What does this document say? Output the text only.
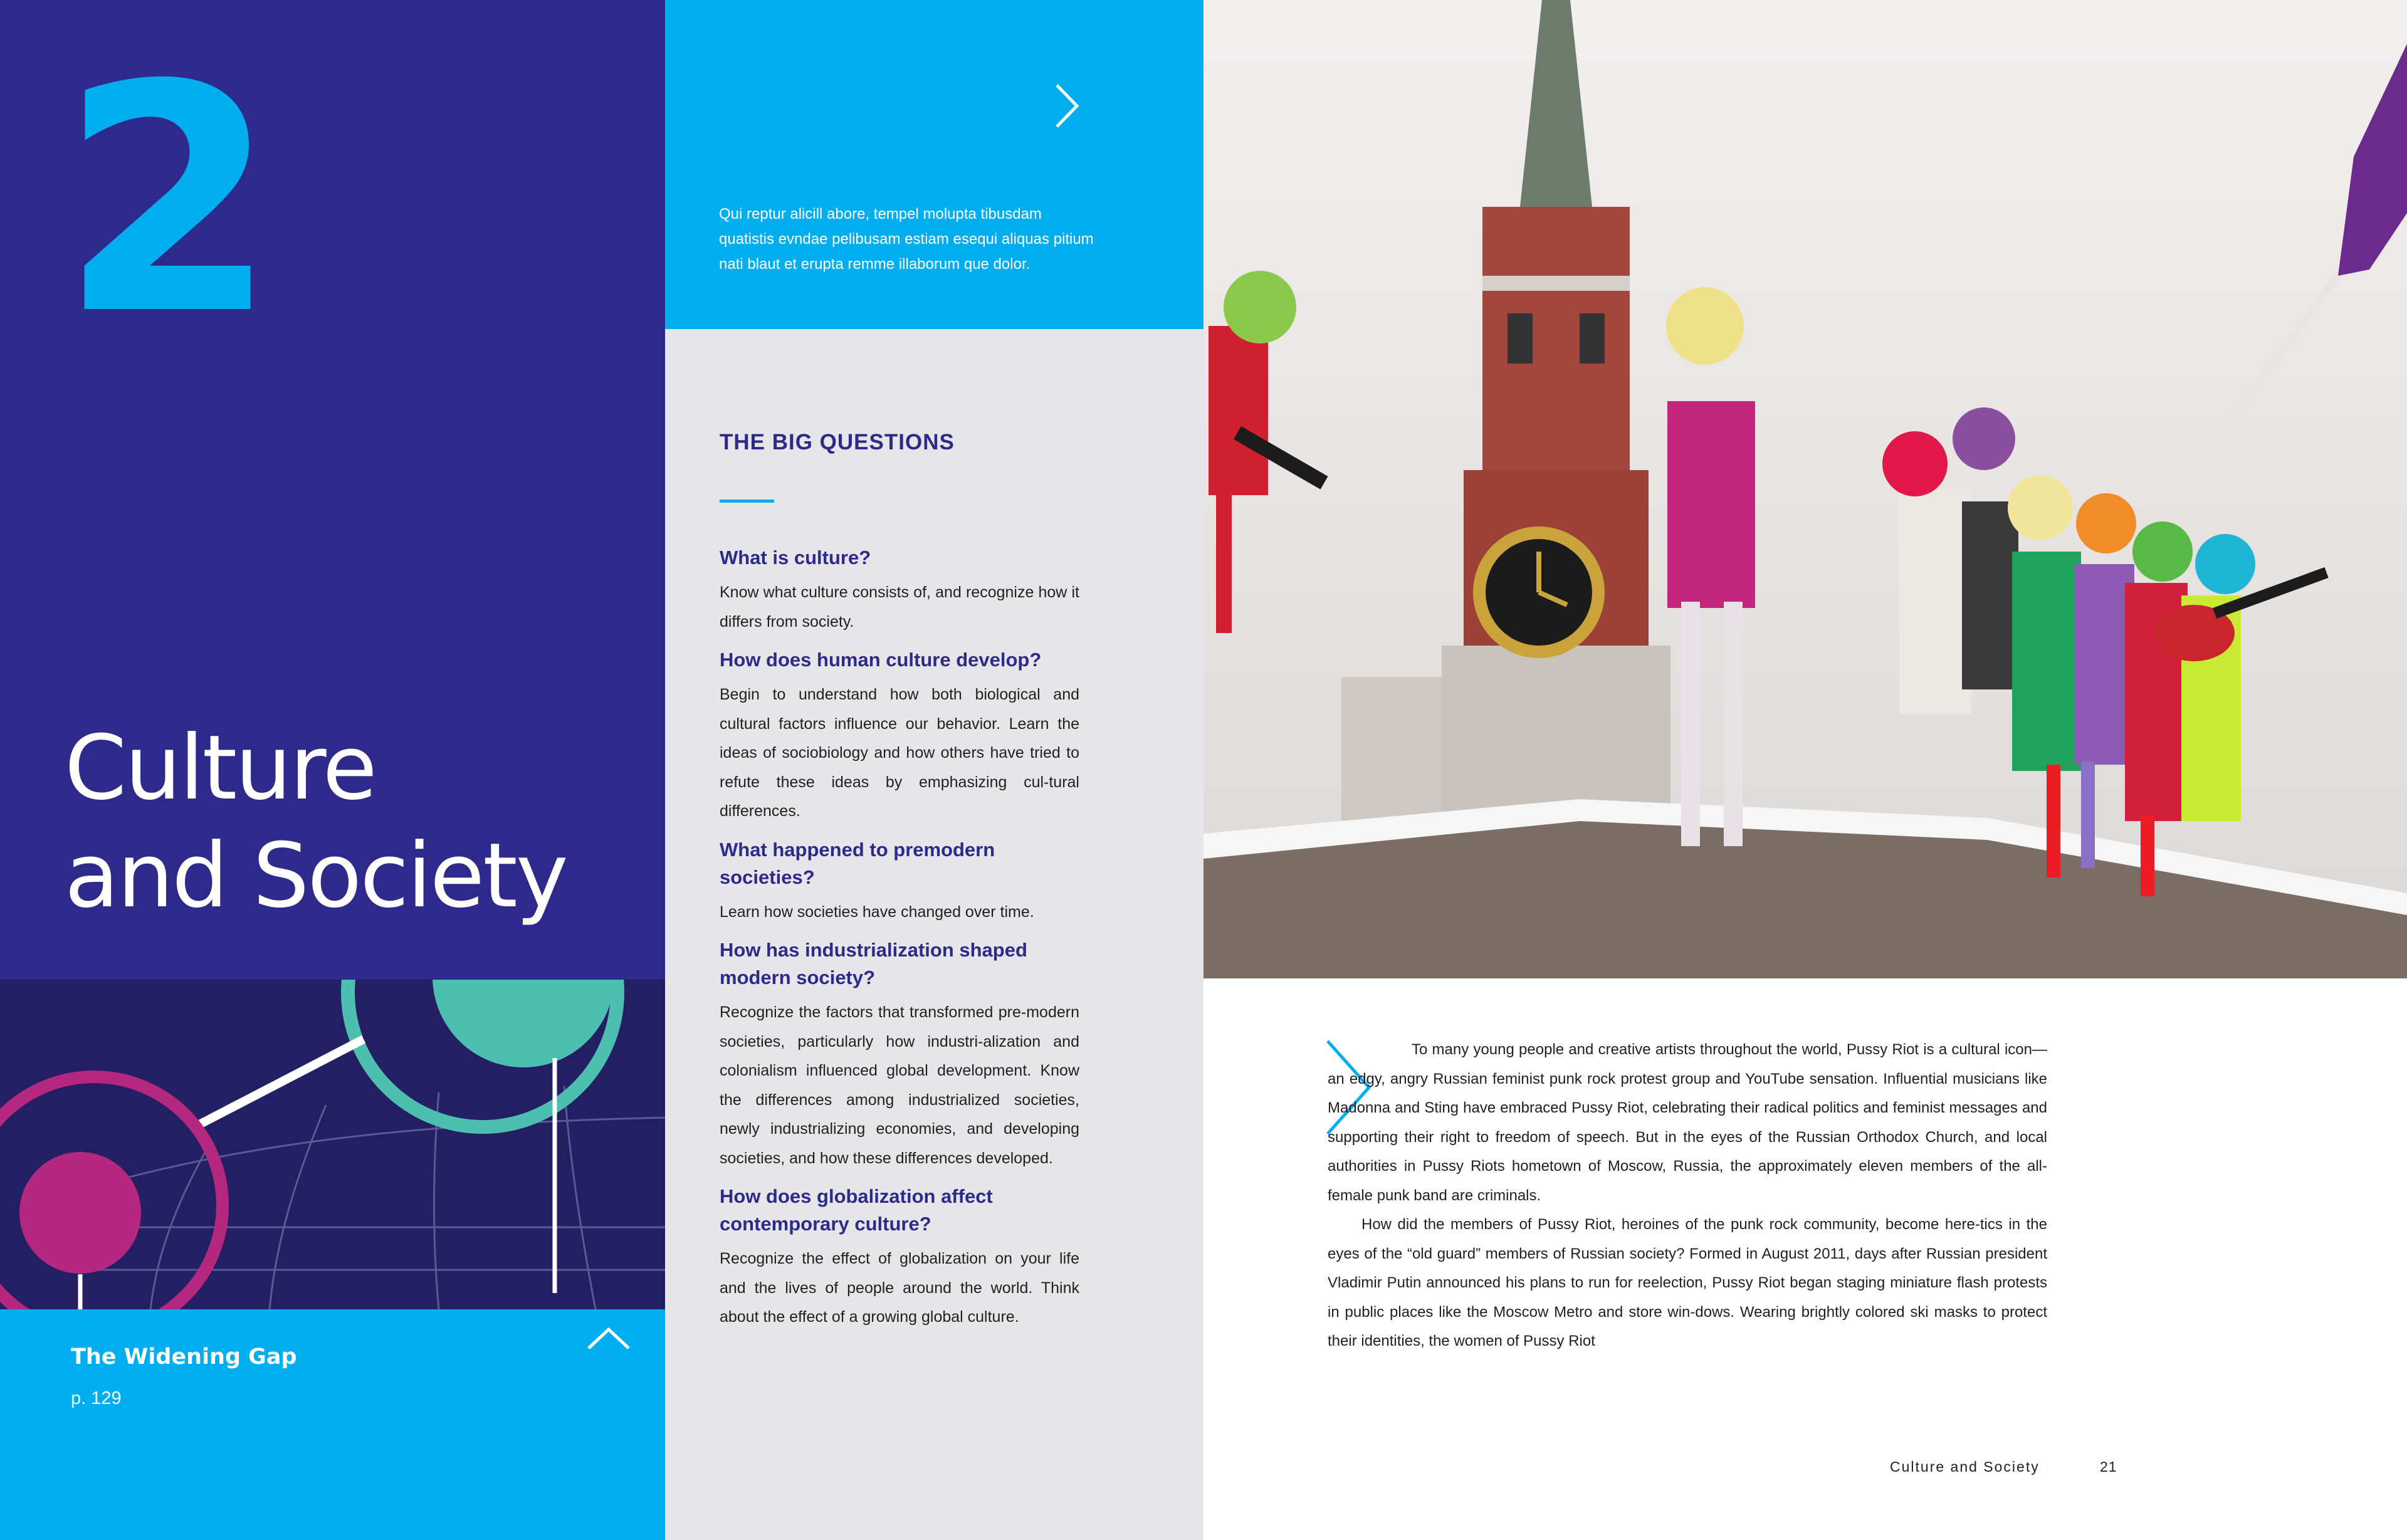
2
Culture
and Society
The Widening Gap
p. 129
Qui reptur alicill abore, tempel molupta tibusdam quatistis evndae pelibusam estiam esequi aliquas pitium nati blaut et erupta remme illaborum que dolor.
THE BIG QUESTIONS
What is culture?
Know what culture consists of, and recognize how it differs from society.
How does human culture develop?
Begin to understand how both biological and cultural factors influence our behavior. Learn the ideas of sociobiology and how others have tried to refute these ideas by emphasizing cul-tural differences.
What happened to premodern societies?
Learn how societies have changed over time.
How has industrialization shaped modern society?
Recognize the factors that transformed pre-modern societies, particularly how industri-alization and colonialism influenced global development. Know the differences among industrialized societies, newly industrializing economies, and developing societies, and how these differences developed.
How does globalization affect contemporary culture?
Recognize the effect of globalization on your life and the lives of people around the world. Think about the effect of a growing global culture.

To many young people and creative artists throughout the world, Pussy Riot is a cultural icon—an edgy, angry Russian feminist punk rock protest group and YouTube sensation. Influential musicians like Madonna and Sting have embraced Pussy Riot, celebrating their radical politics and feminist messages and supporting their right to freedom of speech. But in the eyes of the Russian Orthodox Church, and local authorities in Pussy Riots hometown of Moscow, Russia, the approximately eleven members of the all-female punk band are criminals.

How did the members of Pussy Riot, heroines of the punk rock community, become here-tics in the eyes of the “old guard” members of Russian society? Formed in August 2011, days after Russian president Vladimir Putin announced his plans to run for reelection, Pussy Riot began staging miniature flash protests in public places like the Moscow Metro and store win-dows. Wearing brightly colored ski masks to protect their identities, the women of Pussy Riot

Culture and Society	21
